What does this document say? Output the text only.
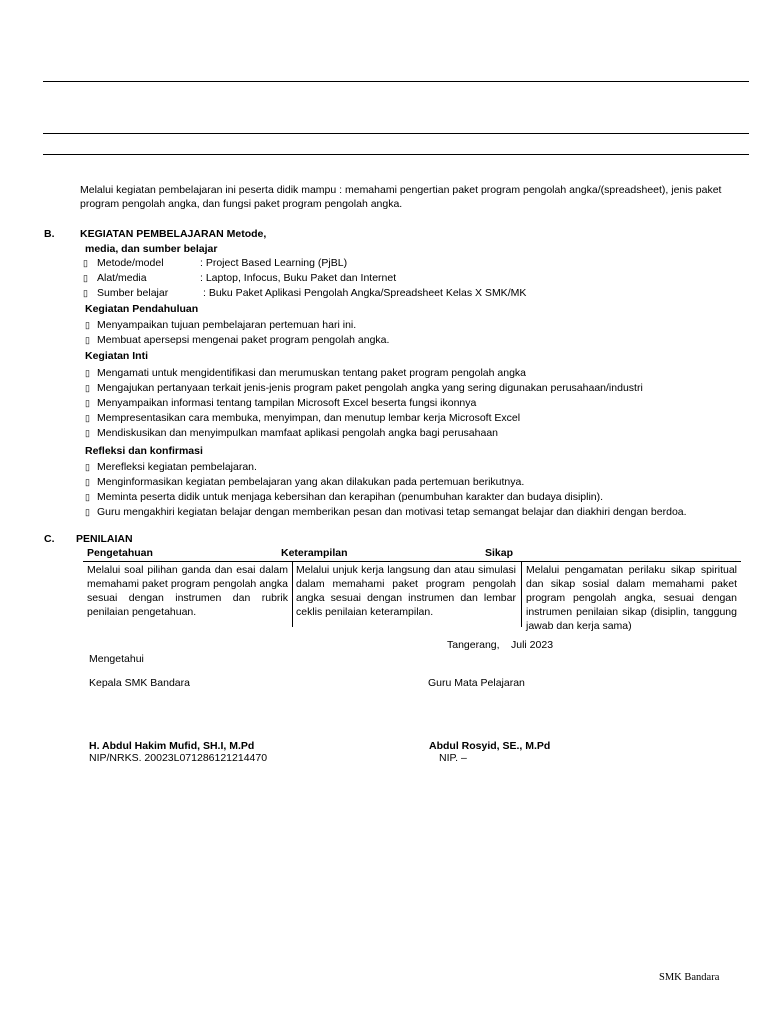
Melalui kegiatan pembelajaran ini peserta didik mampu : memahami pengertian paket program pengolah angka/(spreadsheet), jenis paket
program pengolah angka, dan fungsi paket program pengolah angka.
B. KEGIATAN PEMBELAJARAN Metode,
media, dan sumber belajar
▯ Metode/model	: Project Based Learning (PjBL)
▯ Alat/media	: Laptop, Infocus, Buku Paket dan Internet
▯ Sumber belajar	: Buku Paket Aplikasi Pengolah Angka/Spreadsheet Kelas X SMK/MK
Kegiatan Pendahuluan
▯ Menyampaikan tujuan pembelajaran pertemuan hari ini.
▯ Membuat apersepsi mengenai paket program pengolah angka.
Kegiatan Inti
▯ Mengamati untuk mengidentifikasi dan merumuskan tentang paket program pengolah angka
▯ Mengajukan pertanyaan terkait jenis-jenis program paket pengolah angka yang sering digunakan perusahaan/industri
▯ Menyampaikan informasi tentang tampilan Microsoft Excel beserta fungsi ikonnya
▯ Mempresentasikan cara membuka, menyimpan, dan menutup lembar kerja Microsoft Excel
▯ Mendiskusikan dan menyimpulkan mamfaat aplikasi pengolah angka bagi perusahaan
Refleksi dan konfirmasi
▯ Merefleksi kegiatan pembelajaran.
▯ Menginformasikan kegiatan pembelajaran yang akan dilakukan pada pertemuan berikutnya.
▯ Meminta peserta didik untuk menjaga kebersihan dan kerapihan (penumbuhan karakter dan budaya disiplin).
▯ Guru mengakhiri kegiatan belajar dengan memberikan pesan dan motivasi tetap semangat belajar dan diakhiri dengan berdoa.
C. PENILAIAN
Pengetahuan	Keterampilan	Sikap
Melalui soal pilihan ganda dan esai dalam memahami paket program pengolah angka sesuai dengan instrumen dan rubrik penilaian pengetahuan.
Melalui unjuk kerja langsung dan atau simulasi dalam memahami paket program pengolah angka sesuai dengan instrumen dan lembar ceklis penilaian keterampilan.
Melalui pengamatan perilaku sikap spiritual dan sikap sosial dalam memahami paket program pengolah angka, sesuai dengan instrumen penilaian sikap (disiplin, tanggung jawab dan kerja sama)
Tangerang, Juli 2023
Mengetahui
Kepala SMK Bandara	Guru Mata Pelajaran
H. Abdul Hakim Mufid, SH.I, M.Pd
NIP/NRKS. 20023L071286121214470
Abdul Rosyid, SE., M.Pd
NIP. –
SMK Bandara
